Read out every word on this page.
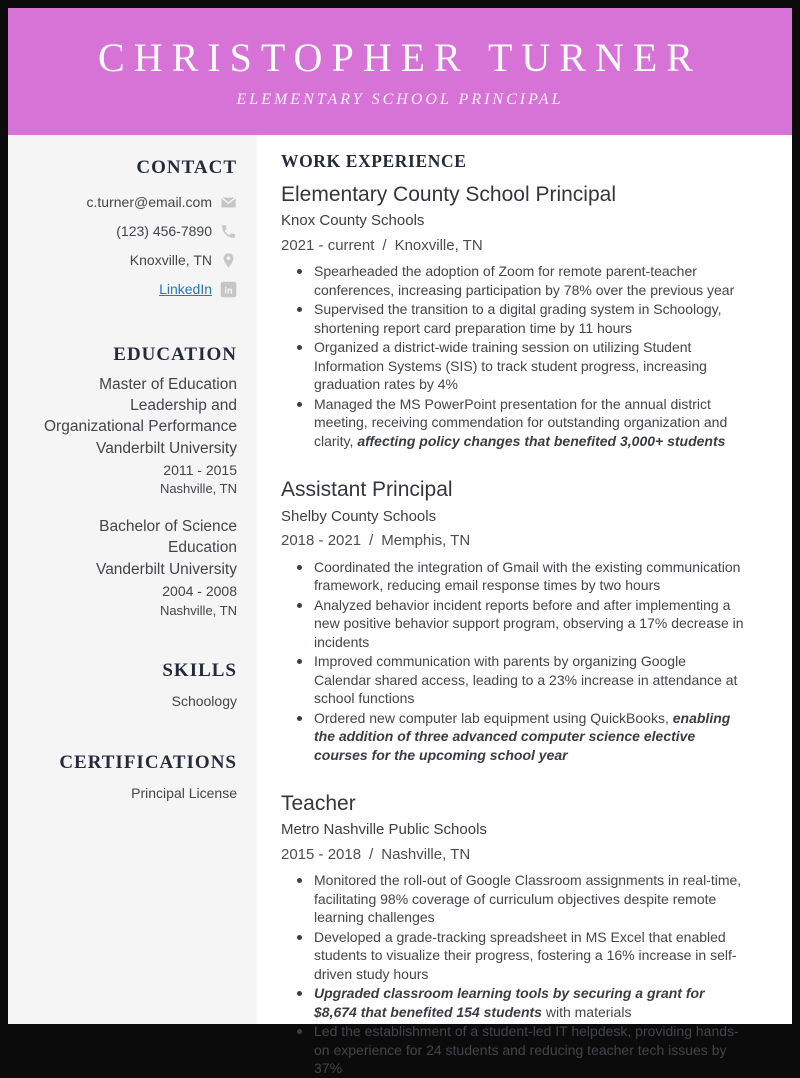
CHRISTOPHER TURNER
ELEMENTARY SCHOOL PRINCIPAL
CONTACT
c.turner@email.com
(123) 456-7890
Knoxville, TN
LinkedIn in
EDUCATION
Master of Education Leadership and Organizational Performance
Vanderbilt University
2011 - 2015
Nashville, TN
Bachelor of Science Education
Vanderbilt University
2004 - 2008
Nashville, TN
SKILLS
Schoology
CERTIFICATIONS
Principal License
WORK EXPERIENCE
Elementary County School Principal
Knox County Schools
2021 - current / Knoxville, TN
Spearheaded the adoption of Zoom for remote parent-teacher conferences, increasing participation by 78% over the previous year
Supervised the transition to a digital grading system in Schoology, shortening report card preparation time by 11 hours
Organized a district-wide training session on utilizing Student Information Systems (SIS) to track student progress, increasing graduation rates by 4%
Managed the MS PowerPoint presentation for the annual district meeting, receiving commendation for outstanding organization and clarity, affecting policy changes that benefited 3,000+ students
Assistant Principal
Shelby County Schools
2018 - 2021 / Memphis, TN
Coordinated the integration of Gmail with the existing communication framework, reducing email response times by two hours
Analyzed behavior incident reports before and after implementing a new positive behavior support program, observing a 17% decrease in incidents
Improved communication with parents by organizing Google Calendar shared access, leading to a 23% increase in attendance at school functions
Ordered new computer lab equipment using QuickBooks, enabling the addition of three advanced computer science elective courses for the upcoming school year
Teacher
Metro Nashville Public Schools
2015 - 2018 / Nashville, TN
Monitored the roll-out of Google Classroom assignments in real-time, facilitating 98% coverage of curriculum objectives despite remote learning challenges
Developed a grade-tracking spreadsheet in MS Excel that enabled students to visualize their progress, fostering a 16% increase in self-driven study hours
Upgraded classroom learning tools by securing a grant for $8,674 that benefited 154 students with materials
Led the establishment of a student-led IT helpdesk, providing hands-on experience for 24 students and reducing teacher tech issues by 37%
